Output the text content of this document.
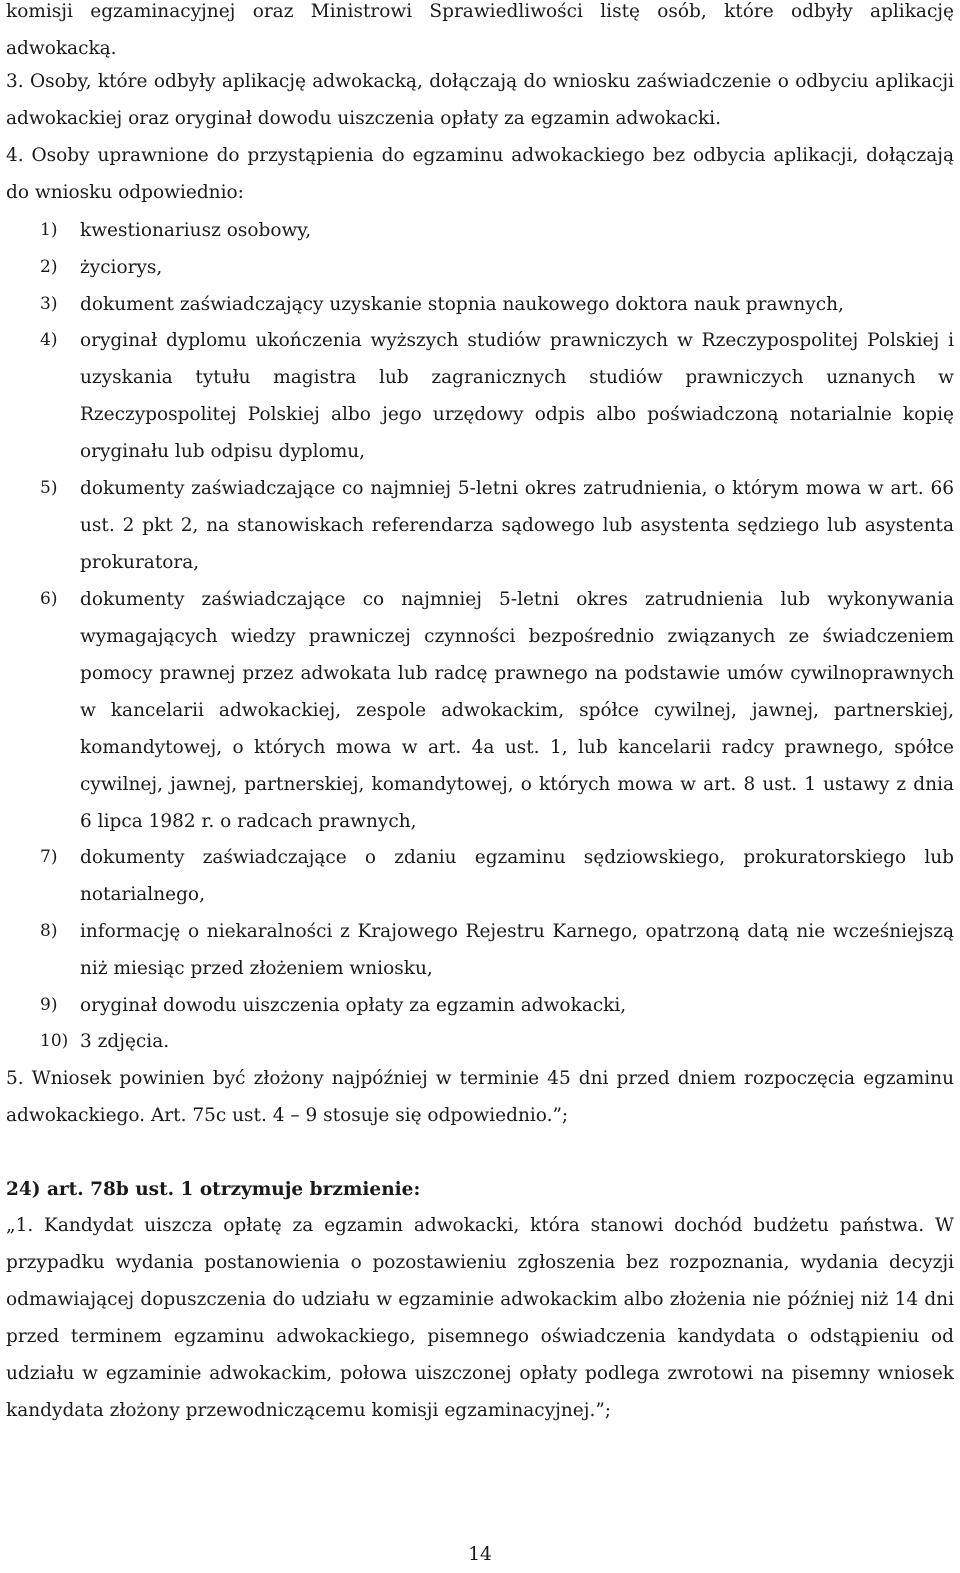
komisji egzaminacyjnej oraz Ministrowi Sprawiedliwości listę osób, które odbyły aplikację adwokacką.

3. Osoby, które odbyły aplikację adwokacką, dołączają do wniosku zaświadczenie o odbyciu aplikacji adwokackiej oraz oryginał dowodu uiszczenia opłaty za egzamin adwokacki.

4. Osoby uprawnione do przystąpienia do egzaminu adwokackiego bez odbycia aplikacji, dołączają do wniosku odpowiednio:

1)	kwestionariusz osobowy,
2)	życiorys,
3)	dokument zaświadczający uzyskanie stopnia naukowego doktora nauk prawnych,
4)	oryginał dyplomu ukończenia wyższych studiów prawniczych w Rzeczypospolitej Polskiej i uzyskania tytułu magistra lub zagranicznych studiów prawniczych uznanych w Rzeczypospolitej Polskiej albo jego urzędowy odpis albo poświadczoną notarialnie kopię oryginału lub odpisu dyplomu,
5)	dokumenty zaświadczające co najmniej 5-letni okres zatrudnienia, o którym mowa w art. 66 ust. 2 pkt 2, na stanowiskach referendarza sądowego lub asystenta sędziego lub asystenta prokuratora,
6)	dokumenty zaświadczające co najmniej 5-letni okres zatrudnienia lub wykonywania wymagających wiedzy prawniczej czynności bezpośrednio związanych ze świadczeniem pomocy prawnej przez adwokata lub radcę prawnego na podstawie umów cywilnoprawnych w kancelarii adwokackiej, zespole adwokackim, spółce cywilnej, jawnej, partnerskiej, komandytowej, o których mowa w art. 4a ust. 1, lub kancelarii radcy prawnego, spółce cywilnej, jawnej, partnerskiej, komandytowej, o których mowa w art. 8 ust. 1 ustawy z dnia 6 lipca 1982 r. o radcach prawnych,
7)	dokumenty zaświadczające o zdaniu egzaminu sędziowskiego, prokuratorskiego lub notarialnego,
8)	informację o niekaralności z Krajowego Rejestru Karnego, opatrzoną datą nie wcześniejszą niż miesiąc przed złożeniem wniosku,
9)	oryginał dowodu uiszczenia opłaty za egzamin adwokacki,
10) 3 zdjęcia.

5. Wniosek powinien być złożony najpóźniej w terminie 45 dni przed dniem rozpoczęcia egzaminu adwokackiego. Art. 75c ust. 4 – 9 stosuje się odpowiednio.”;

24) art. 78b ust. 1 otrzymuje brzmienie:

„1. Kandydat uiszcza opłatę za egzamin adwokacki, która stanowi dochód budżetu państwa. W przypadku wydania postanowienia o pozostawieniu zgłoszenia bez rozpoznania, wydania decyzji odmawiającej dopuszczenia do udziału w egzaminie adwokackim albo złożenia nie później niż 14 dni przed terminem egzaminu adwokackiego, pisemnego oświadczenia kandydata o odstąpieniu od udziału w egzaminie adwokackim, połowa uiszczonej opłaty podlega zwrotowi na pisemny wniosek kandydata złożony przewodniczącemu komisji egzaminacyjnej.”;

14
